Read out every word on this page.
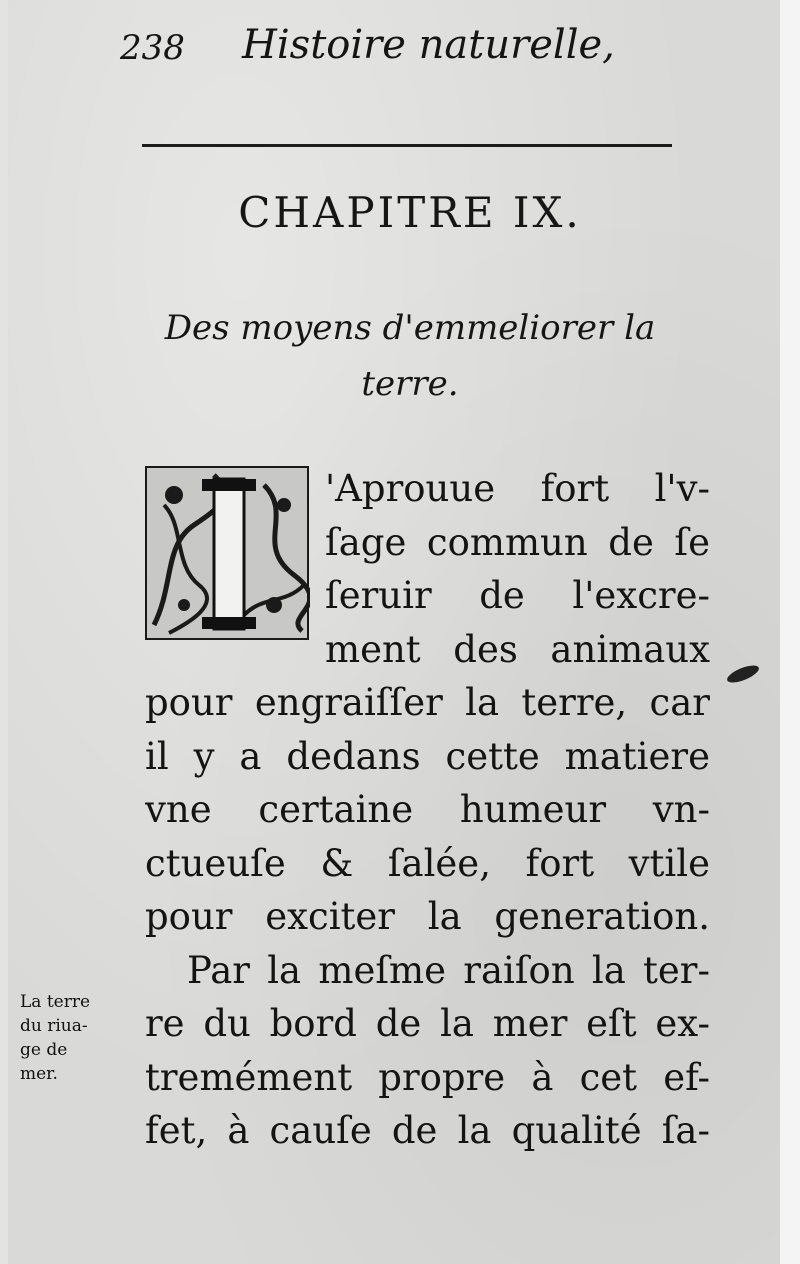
238 Histoire naturelle,
CHAPITRE IX.
Des moyens d'emmeliorer la
terre.
'Aprouue fort l'v-
ſage commun de ſe
ſeruir de l'excre-
ment des animaux
pour engraiſſer la terre, car
il y a dedans cette matiere
vne certaine humeur vn-
ctueuſe & ſalée, fort vtile
pour exciter la generation.
Par la meſme raiſon la ter-
re du bord de la mer eſt ex-
tremément propre à cet ef-
fet, à cauſe de la qualité ſa-
La terre
du riua-
ge de
mer.
